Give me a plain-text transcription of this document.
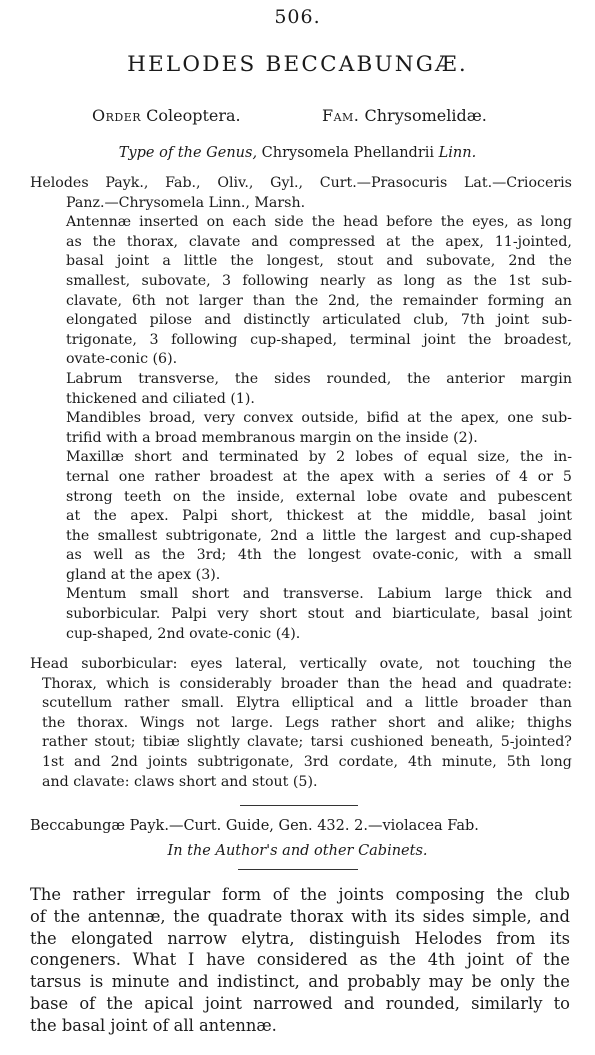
506.
HELODES BECCABUNGÆ.
Order Coleoptera.	Fam. Chrysomelidæ.
Type of the Genus, Chrysomela Phellandrii Linn.
Helodes Payk., Fab., Oliv., Gyl., Curt.—Prasocuris Lat.—Crioceris
Panz.—Chrysomela Linn., Marsh.
Antennæ inserted on each side the head before the eyes, as long
as the thorax, clavate and compressed at the apex, 11-jointed,
basal joint a little the longest, stout and subovate, 2nd the
smallest, subovate, 3 following nearly as long as the 1st sub-
clavate, 6th not larger than the 2nd, the remainder forming an
elongated pilose and distinctly articulated club, 7th joint sub-
trigonate, 3 following cup-shaped, terminal joint the broadest,
ovate-conic (6).
Labrum transverse, the sides rounded, the anterior margin
thickened and ciliated (1).
Mandibles broad, very convex outside, bifid at the apex, one sub-
trifid with a broad membranous margin on the inside (2).
Maxillæ short and terminated by 2 lobes of equal size, the in-
ternal one rather broadest at the apex with a series of 4 or 5
strong teeth on the inside, external lobe ovate and pubescent
at the apex. Palpi short, thickest at the middle, basal joint
the smallest subtrigonate, 2nd a little the largest and cup-shaped
as well as the 3rd; 4th the longest ovate-conic, with a small
gland at the apex (3).
Mentum small short and transverse. Labium large thick and
suborbicular. Palpi very short stout and biarticulate, basal joint
cup-shaped, 2nd ovate-conic (4).
Head suborbicular: eyes lateral, vertically ovate, not touching the
Thorax, which is considerably broader than the head and quadrate:
scutellum rather small. Elytra elliptical and a little broader than
the thorax. Wings not large. Legs rather short and alike; thighs
rather stout; tibiæ slightly clavate; tarsi cushioned beneath, 5-jointed?
1st and 2nd joints subtrigonate, 3rd cordate, 4th minute, 5th long
and clavate: claws short and stout (5).
Beccabungæ Payk.—Curt. Guide, Gen. 432. 2.—violacea Fab.
In the Author's and other Cabinets.
The rather irregular form of the joints composing the club
of the antennæ, the quadrate thorax with its sides simple, and
the elongated narrow elytra, distinguish Helodes from its
congeners. What I have considered as the 4th joint of the
tarsus is minute and indistinct, and probably may be only the
base of the apical joint narrowed and rounded, similarly to
the basal joint of all antennæ.
